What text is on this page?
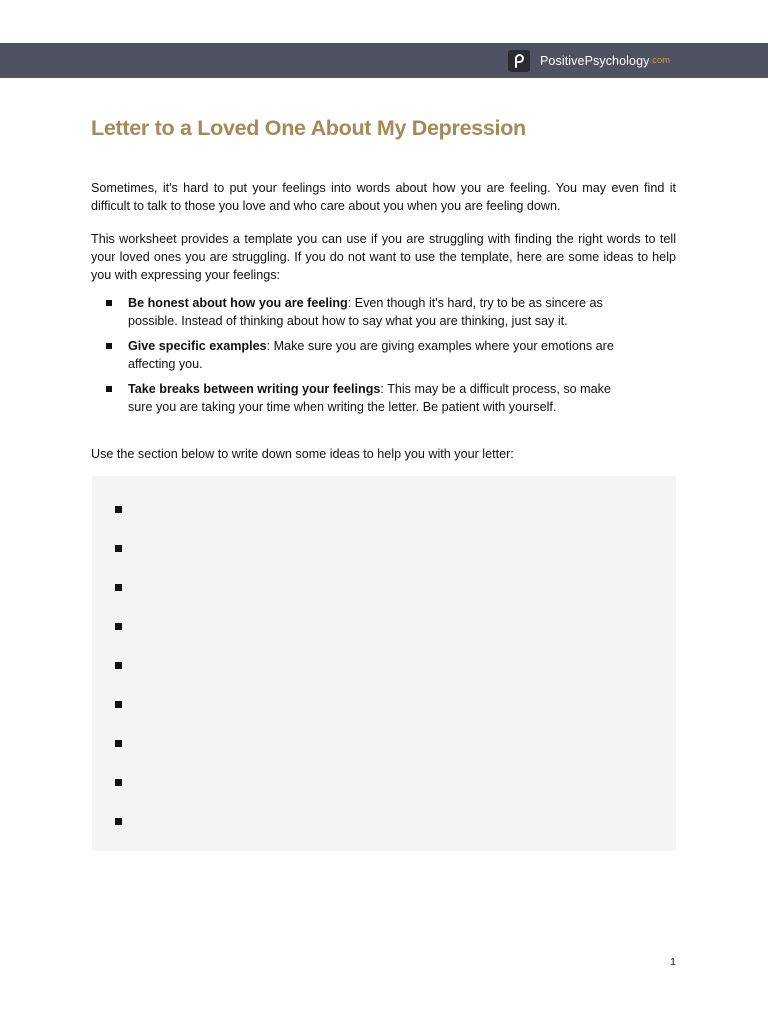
PositivePsychology .com
Letter to a Loved One About My Depression

Sometimes, it's hard to put your feelings into words about how you are feeling. You may even find it difficult to talk to those you love and who care about you when you are feeling down.

This worksheet provides a template you can use if you are struggling with finding the right words to tell your loved ones you are struggling. If you do not want to use the template, here are some ideas to help you with expressing your feelings:

Be honest about how you are feeling: Even though it's hard, try to be as sincere as possible. Instead of thinking about how to say what you are thinking, just say it.
Give specific examples: Make sure you are giving examples where your emotions are affecting you.
Take breaks between writing your feelings: This may be a difficult process, so make sure you are taking your time when writing the letter. Be patient with yourself.

Use the section below to write down some ideas to help you with your letter:

1
